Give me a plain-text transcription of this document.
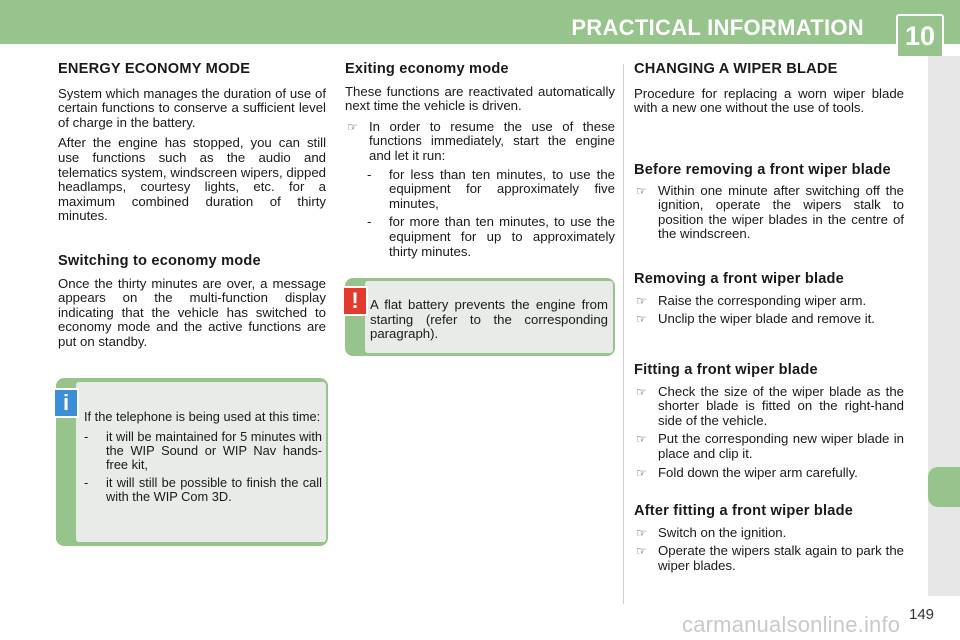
PRACTICAL INFORMATION	10
ENERGY ECONOMY MODE

System which manages the duration of use of certain functions to conserve a sufficient level of charge in the battery.

After the engine has stopped, you can still use functions such as the audio and telematics system, windscreen wipers, dipped headlamps, courtesy lights, etc. for a maximum combined duration of thirty minutes.

Switching to economy mode

Once the thirty minutes are over, a message appears on the multi-function display indicating that the vehicle has switched to economy mode and the active functions are put on standby.

i

If the telephone is being used at this time:

- it will be maintained for 5 minutes with the WIP Sound or WIP Nav hands-free kit,
- it will still be possible to finish the call with the WIP Com 3D.
Exiting economy mode

These functions are reactivated automatically next time the vehicle is driven.

☞ In order to resume the use of these functions immediately, start the engine and let it run:
- for less than ten minutes, to use the equipment for approximately five minutes,
- for more than ten minutes, to use the equipment for up to approximately thirty minutes.
! A flat battery prevents the engine from starting (refer to the corresponding paragraph).

CHANGING A WIPER BLADE

Procedure for replacing a worn wiper blade with a new one without the use of tools.

Before removing a front wiper blade
☞ Within one minute after switching off the ignition, operate the wipers stalk to position the wiper blades in the centre of the windscreen.
Removing a front wiper blade
☞ Raise the corresponding wiper arm.
☞ Unclip the wiper blade and remove it.
Fitting a front wiper blade
☞ Check the size of the wiper blade as the shorter blade is fitted on the right-hand side of the vehicle.
☞ Put the corresponding new wiper blade in place and clip it.
☞ Fold down the wiper arm carefully.
After fitting a front wiper blade
☞ Switch on the ignition.
☞ Operate the wipers stalk again to park the wiper blades.
carmanualsonline.info 149
